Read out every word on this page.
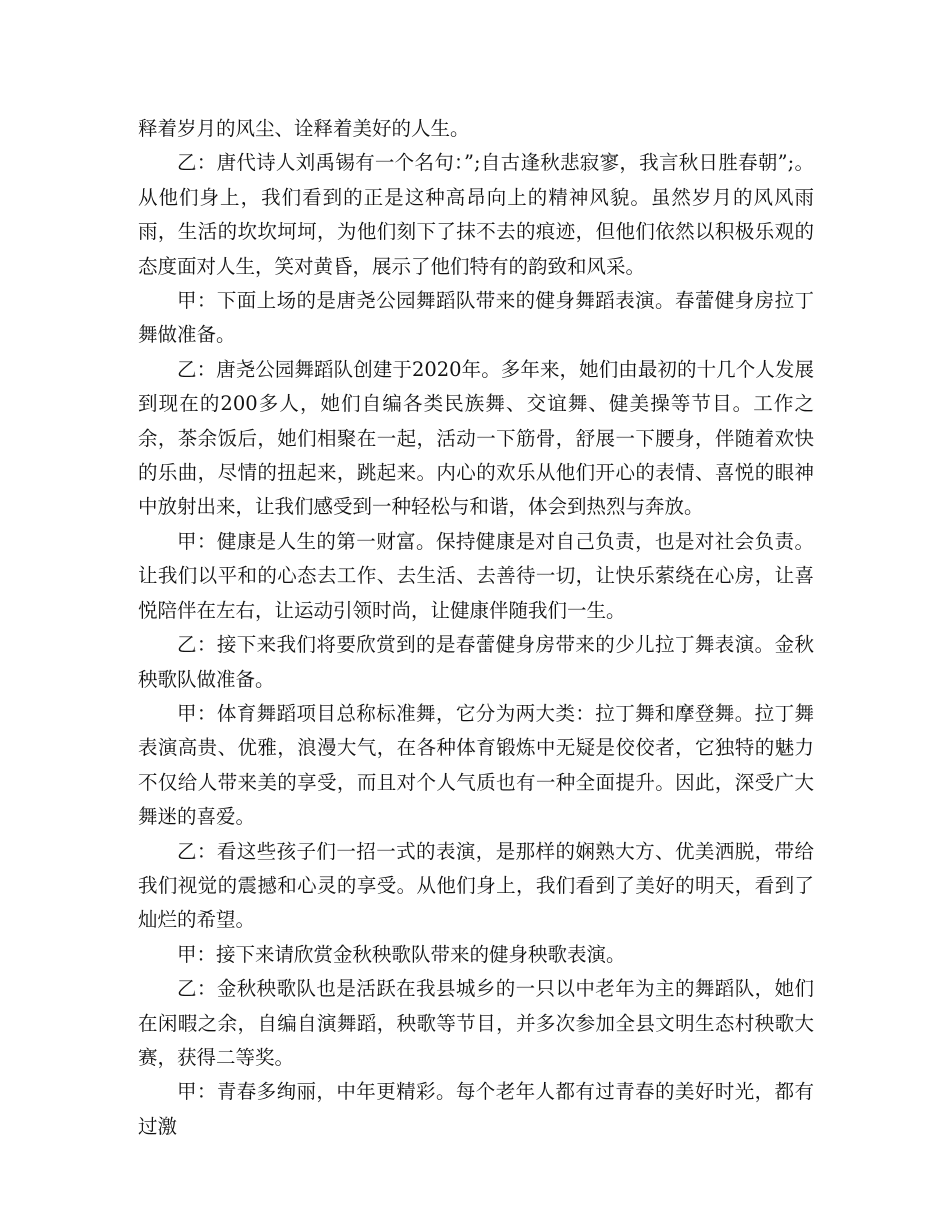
释着岁月的风尘、诠释着美好的人生。

乙：唐代诗人刘禹锡有一个名句：”;自古逢秋悲寂寥，我言秋日胜春朝”;。从他们身上，我们看到的正是这种高昂向上的精神风貌。虽然岁月的风风雨雨，生活的坎坎坷坷，为他们刻下了抹不去的痕迹，但他们依然以积极乐观的态度面对人生，笑对黄昏，展示了他们特有的韵致和风采。

甲：下面上场的是唐尧公园舞蹈队带来的健身舞蹈表演。春蕾健身房拉丁舞做准备。

乙：唐尧公园舞蹈队创建于2020年。多年来，她们由最初的十几个人发展到现在的200多人，她们自编各类民族舞、交谊舞、健美操等节目。工作之余，茶余饭后，她们相聚在一起，活动一下筋骨，舒展一下腰身，伴随着欢快的乐曲，尽情的扭起来，跳起来。内心的欢乐从他们开心的表情、喜悦的眼神中放射出来，让我们感受到一种轻松与和谐，体会到热烈与奔放。

甲：健康是人生的第一财富。保持健康是对自己负责，也是对社会负责。让我们以平和的心态去工作、去生活、去善待一切，让快乐萦绕在心房，让喜悦陪伴在左右，让运动引领时尚，让健康伴随我们一生。

乙：接下来我们将要欣赏到的是春蕾健身房带来的少儿拉丁舞表演。金秋秧歌队做准备。

甲：体育舞蹈项目总称标准舞，它分为两大类：拉丁舞和摩登舞。拉丁舞表演高贵、优雅，浪漫大气，在各种体育锻炼中无疑是佼佼者，它独特的魅力不仅给人带来美的享受，而且对个人气质也有一种全面提升。因此，深受广大舞迷的喜爱。

乙：看这些孩子们一招一式的表演，是那样的娴熟大方、优美洒脱，带给我们视觉的震撼和心灵的享受。从他们身上，我们看到了美好的明天，看到了灿烂的希望。

甲：接下来请欣赏金秋秧歌队带来的健身秧歌表演。

乙：金秋秧歌队也是活跃在我县城乡的一只以中老年为主的舞蹈队，她们在闲暇之余，自编自演舞蹈，秧歌等节目，并多次参加全县文明生态村秧歌大赛，获得二等奖。

甲：青春多绚丽，中年更精彩。每个老年人都有过青春的美好时光，都有过激
